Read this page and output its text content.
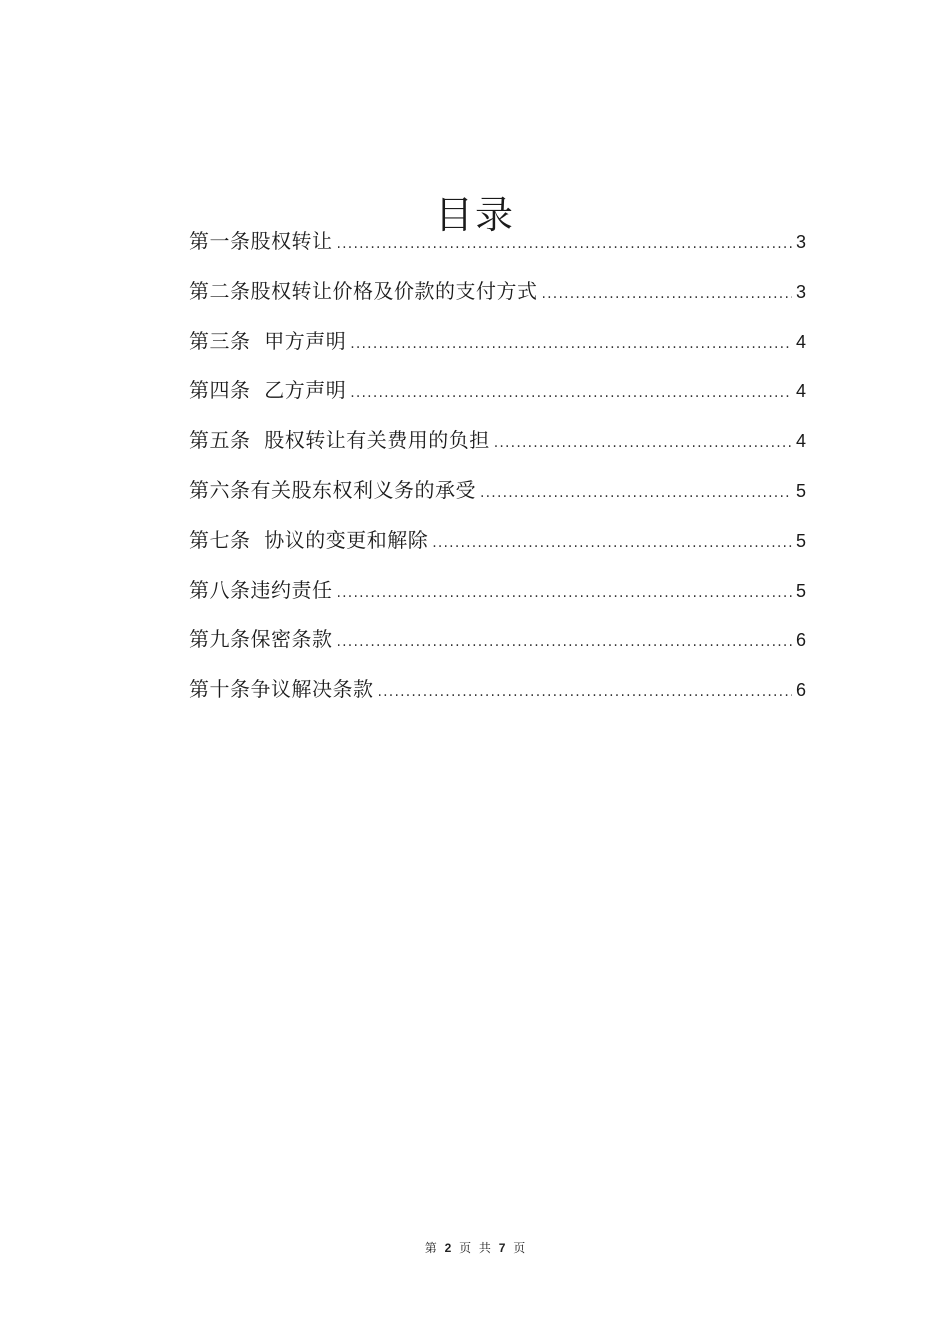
目录
第一条股权转让 .....	3
第二条股权转让价格及价款的支付方式 .....	3
第三条  甲方声明 .....	4
第四条  乙方声明 .....	4
第五条  股权转让有关费用的负担 .....	4
第六条有关股东权利义务的承受 .....	5
第七条  协议的变更和解除 .....	5
第八条违约责任 .....	5
第九条保密条款 .....	6
第十条争议解决条款 .....	6
第 2 页 共 7 页
